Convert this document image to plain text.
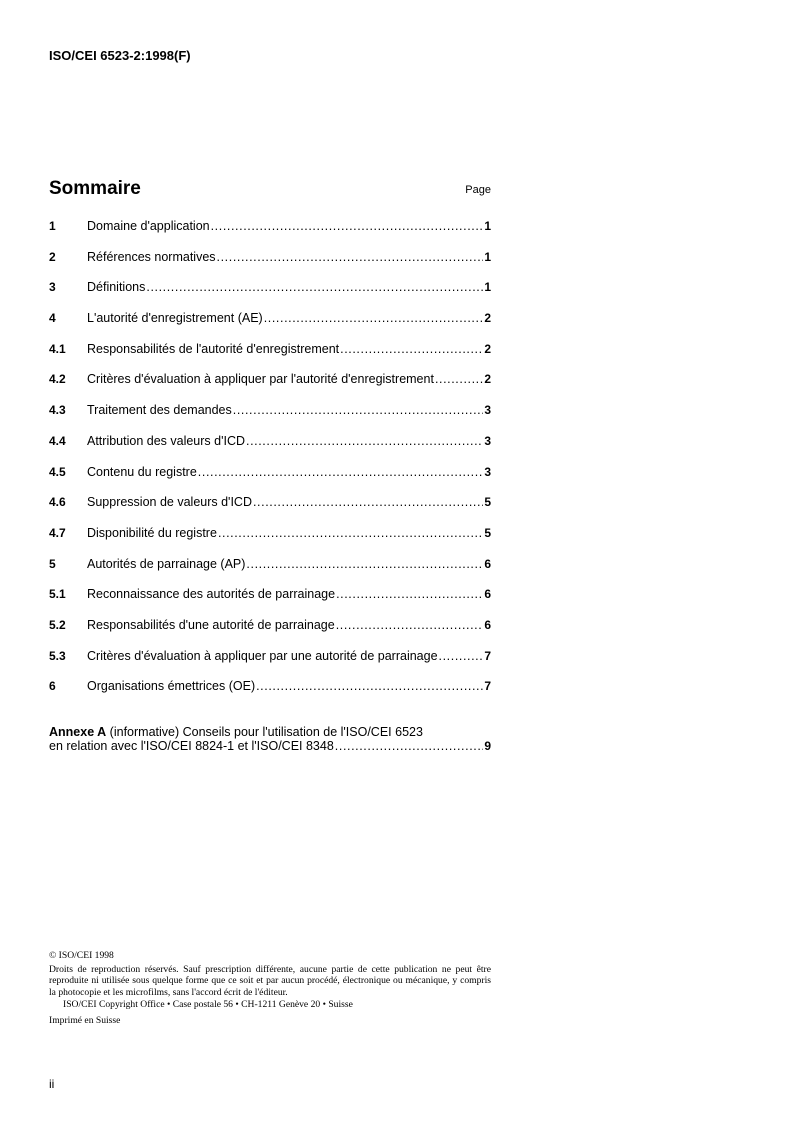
ISO/CEI 6523-2:1998(F)
Sommaire	Page
1	Domaine d'application .....	1
2	Références normatives .....	1
3	Définitions .....	1
4	L'autorité d'enregistrement (AE) .....	2
4.1	Responsabilités de l'autorité d'enregistrement .....	2
4.2	Critères d'évaluation à appliquer par l'autorité d'enregistrement .....	2
4.3	Traitement des demandes .....	3
4.4	Attribution des valeurs d'ICD .....	3
4.5	Contenu du registre .....	3
4.6	Suppression de valeurs d'ICD .....	5
4.7	Disponibilité du registre .....	5
5	Autorités de parrainage (AP) .....	6
5.1	Reconnaissance des autorités de parrainage .....	6
5.2	Responsabilités d'une autorité de parrainage .....	6
5.3	Critères d'évaluation à appliquer par une autorité de parrainage .....	7
6	Organisations émettrices (OE) .....	7
Annexe A (informative) Conseils pour l'utilisation de l'ISO/CEI 6523
en relation avec l'ISO/CEI 8824-1 et l'ISO/CEI 8348 .....	9

© ISO/CEI 1998

Droits de reproduction réservés. Sauf prescription différente, aucune partie de cette publication ne peut être reproduite ni utilisée sous quelque forme que ce soit et par aucun procédé, électronique ou mécanique, y compris la photocopie et les microfilms, sans l'accord écrit de l'éditeur.

ISO/CEI Copyright Office • Case postale 56 • CH-1211 Genève 20 • Suisse

Imprimé en Suisse

ii
